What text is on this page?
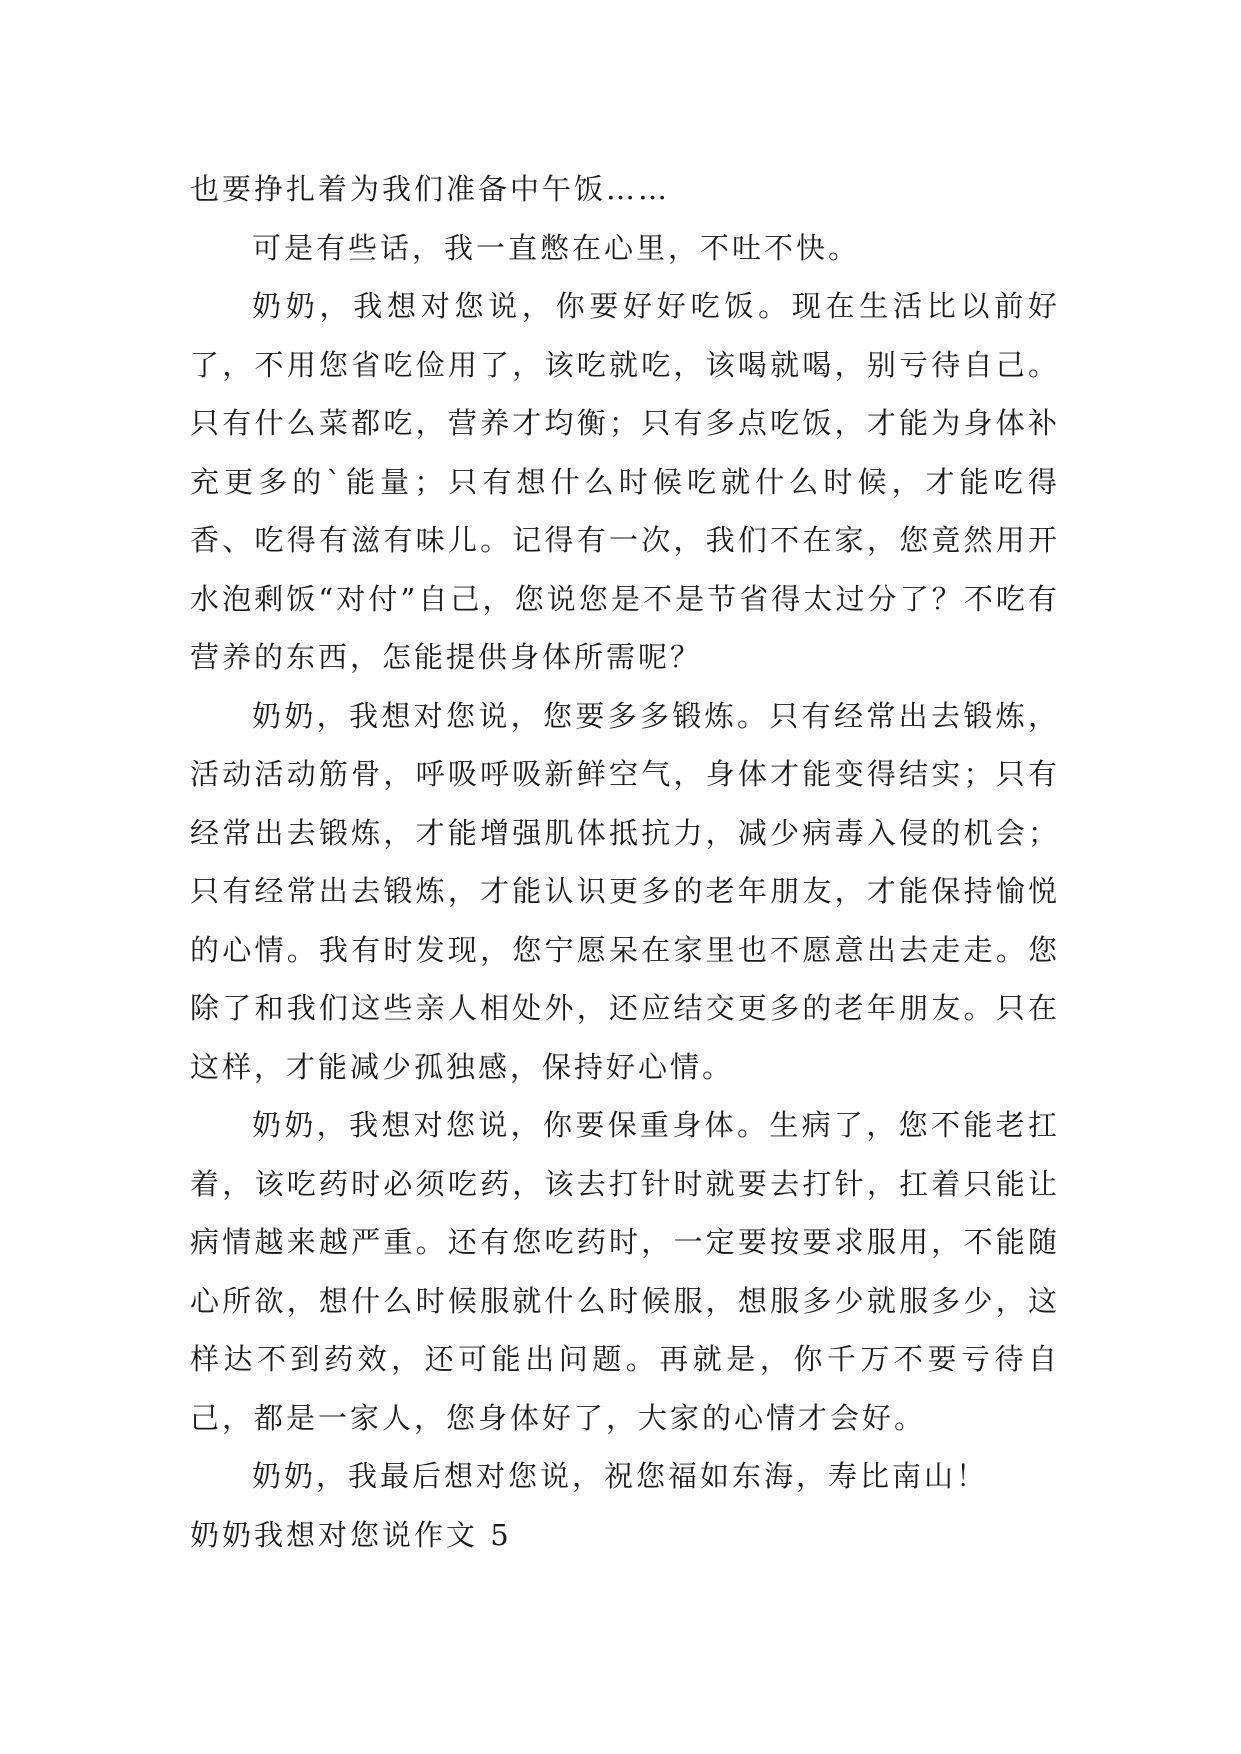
也要挣扎着为我们准备中午饭……

可是有些话，我一直憋在心里，不吐不快。

奶奶，我想对您说，你要好好吃饭。现在生活比以前好了，不用您省吃俭用了，该吃就吃，该喝就喝，别亏待自己。只有什么菜都吃，营养才均衡；只有多点吃饭，才能为身体补充更多的`能量；只有想什么时候吃就什么时候，才能吃得香、吃得有滋有味儿。记得有一次，我们不在家，您竟然用开水泡剩饭“对付”自己，您说您是不是节省得太过分了？不吃有营养的东西，怎能提供身体所需呢？

奶奶，我想对您说，您要多多锻炼。只有经常出去锻炼，活动活动筋骨，呼吸呼吸新鲜空气，身体才能变得结实；只有经常出去锻炼，才能增强肌体抵抗力，减少病毒入侵的机会；只有经常出去锻炼，才能认识更多的老年朋友，才能保持愉悦的心情。我有时发现，您宁愿呆在家里也不愿意出去走走。您除了和我们这些亲人相处外，还应结交更多的老年朋友。只在这样，才能减少孤独感，保持好心情。

奶奶，我想对您说，你要保重身体。生病了，您不能老扛着，该吃药时必须吃药，该去打针时就要去打针，扛着只能让病情越来越严重。还有您吃药时，一定要按要求服用，不能随心所欲，想什么时候服就什么时候服，想服多少就服多少，这样达不到药效，还可能出问题。再就是，你千万不要亏待自己，都是一家人，您身体好了，大家的心情才会好。

奶奶，我最后想对您说，祝您福如东海，寿比南山！

奶奶我想对您说作文 5
